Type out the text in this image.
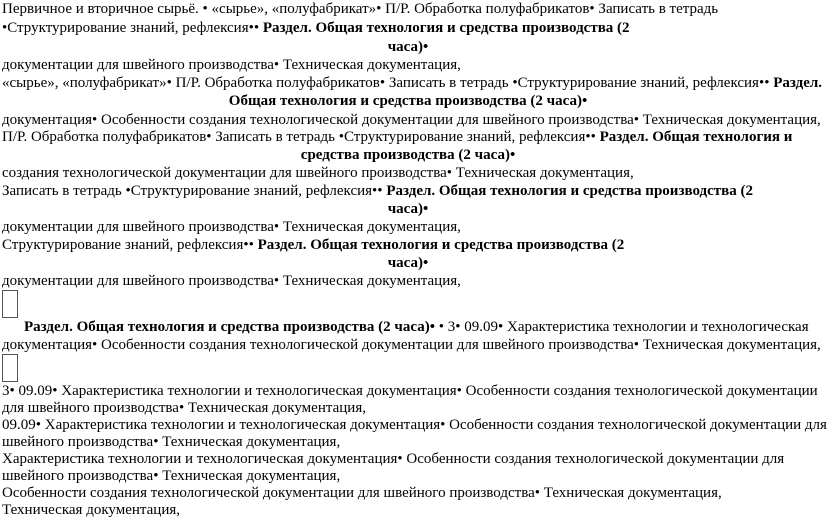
Первичное и вторичное сырьё. • «сырье», «полуфабрикат»• П/Р. Обработка полуфабрикатов• Записать в тетрадь
•Структурирование знаний, рефлексия•• Раздел. Общая технология и средства производства (2
часа)•
документации для швейного производства• Техническая документация,
«сырье», «полуфабрикат»• П/Р. Обработка полуфабрикатов• Записать в тетрадь •Структурирование знаний, рефлексия•• Раздел.
Общая технология и средства производства (2 часа)•
документация• Особенности создания технологической документации для швейного производства• Техническая документация,
П/Р. Обработка полуфабрикатов• Записать в тетрадь •Структурирование знаний, рефлексия•• Раздел. Общая технология и
средства производства (2 часа)•
создания технологической документации для швейного производства• Техническая документация,
Записать в тетрадь •Структурирование знаний, рефлексия•• Раздел. Общая технология и средства производства (2
часа)•
документации для швейного производства• Техническая документация,
Структурирование знаний, рефлексия•• Раздел. Общая технология и средства производства (2
часа)•
документации для швейного производства• Техническая документация,
Раздел. Общая технология и средства производства (2 часа)• • 3• 09.09• Характеристика технологии и технологическая
документация• Особенности создания технологической документации для швейного производства• Техническая документация,
3• 09.09• Характеристика технологии и технологическая документация• Особенности создания технологической документации
для швейного производства• Техническая документация,
09.09• Характеристика технологии и технологическая документация• Особенности создания технологической документации для
швейного производства• Техническая документация,
Характеристика технологии и технологическая документация• Особенности создания технологической документации для
швейного производства• Техническая документация,
Особенности создания технологической документации для швейного производства• Техническая документация,
Техническая документация,
